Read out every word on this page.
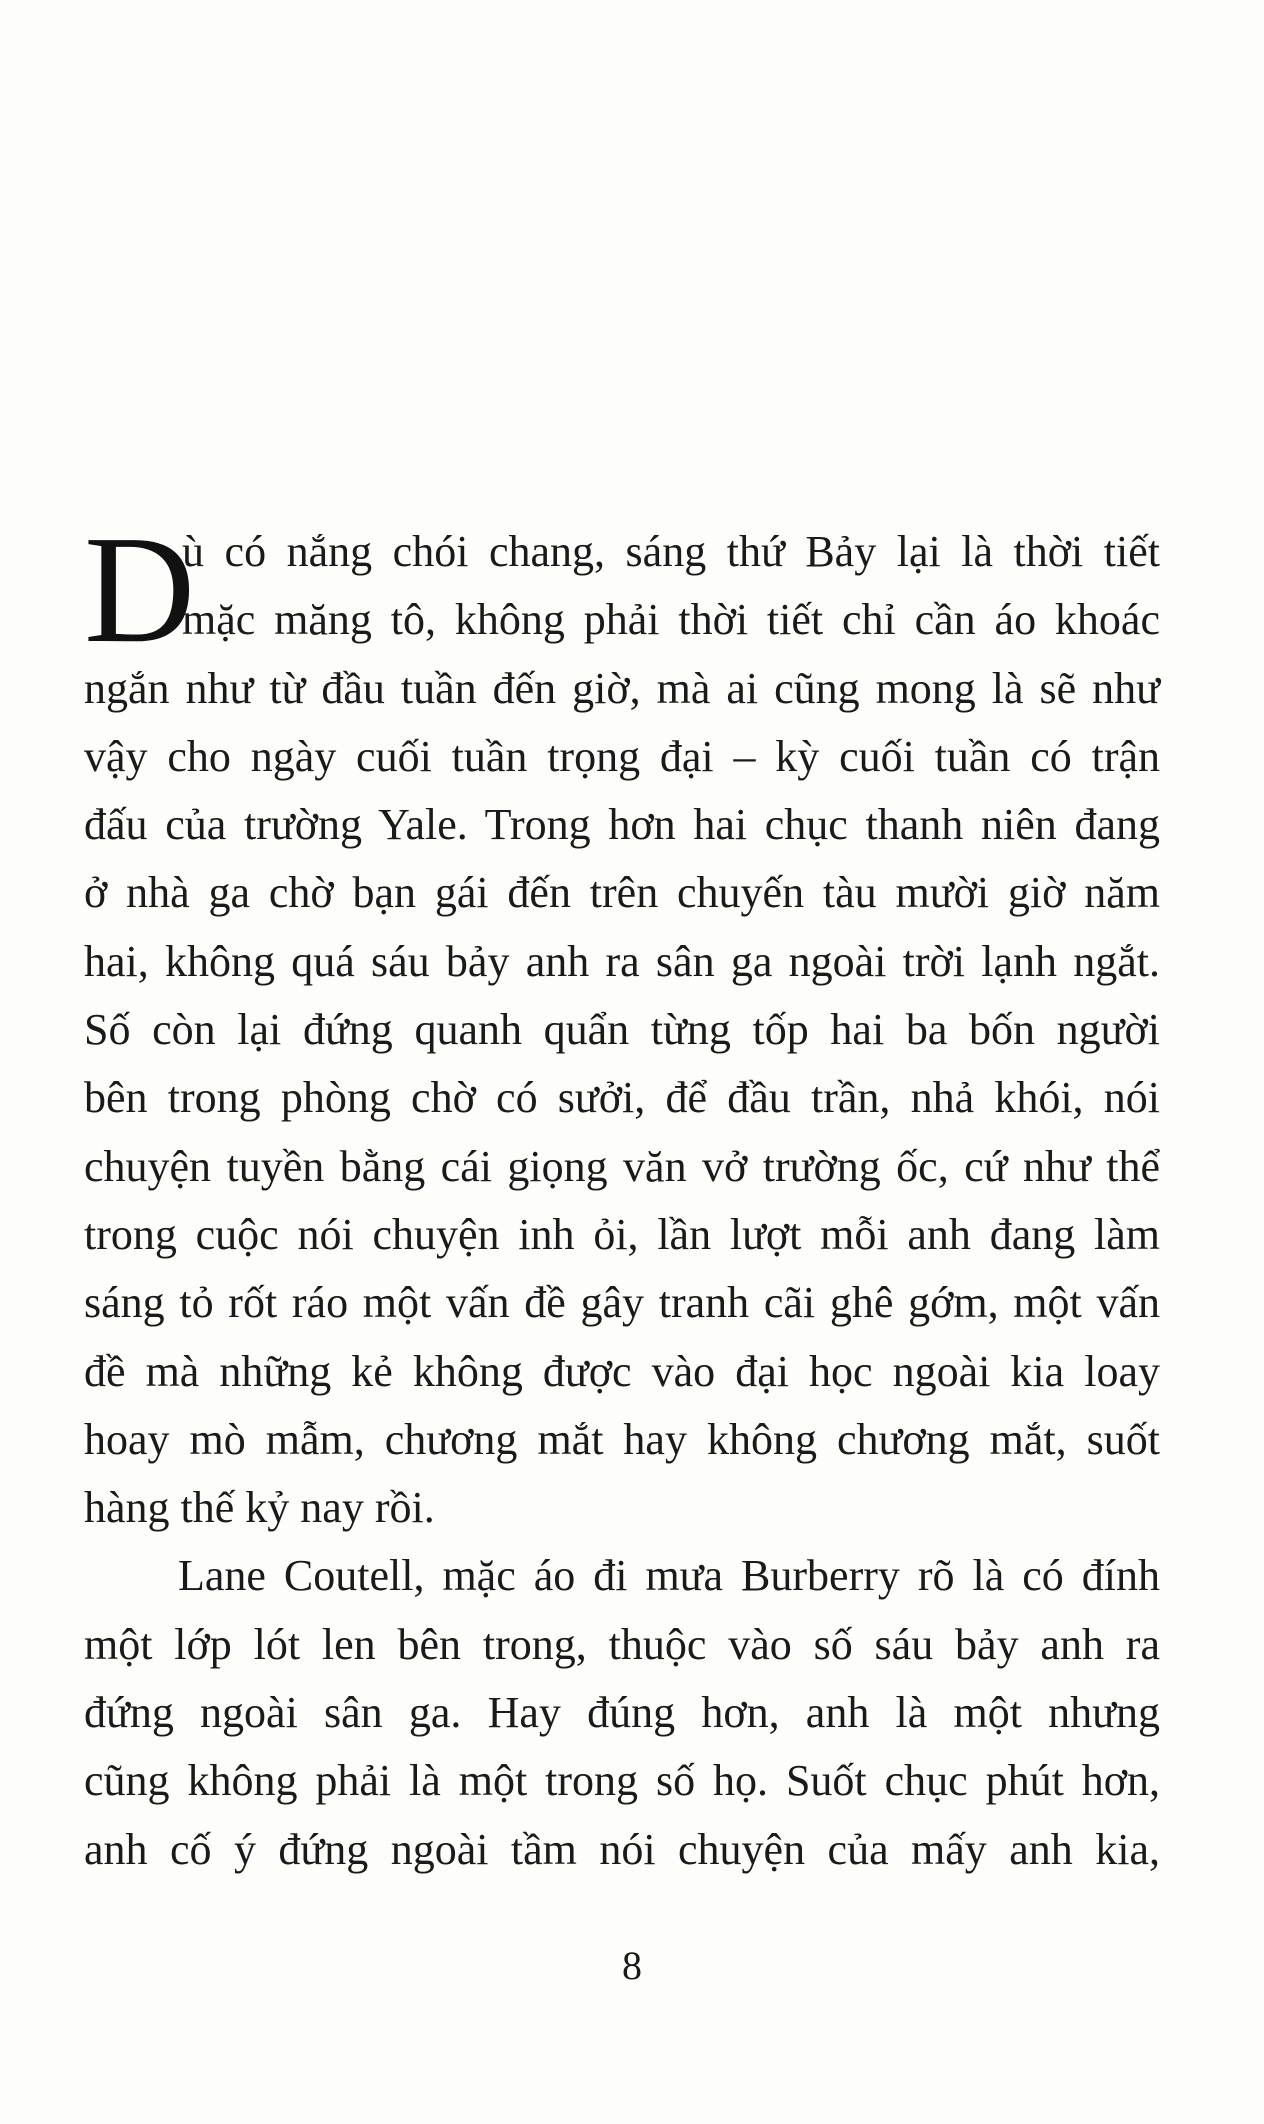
D
ù có nắng chói chang, sáng thứ Bảy lại là thời tiết
mặc măng tô, không phải thời tiết chỉ cần áo khoác
ngắn như từ đầu tuần đến giờ, mà ai cũng mong là sẽ như
vậy cho ngày cuối tuần trọng đại – kỳ cuối tuần có trận
đấu của trường Yale. Trong hơn hai chục thanh niên đang
ở nhà ga chờ bạn gái đến trên chuyến tàu mười giờ năm
hai, không quá sáu bảy anh ra sân ga ngoài trời lạnh ngắt.
Số còn lại đứng quanh quẩn từng tốp hai ba bốn người
bên trong phòng chờ có sưởi, để đầu trần, nhả khói, nói
chuyện tuyền bằng cái giọng văn vở trường ốc, cứ như thể
trong cuộc nói chuyện inh ỏi, lần lượt mỗi anh đang làm
sáng tỏ rốt ráo một vấn đề gây tranh cãi ghê gớm, một vấn
đề mà những kẻ không được vào đại học ngoài kia loay
hoay mò mẫm, chương mắt hay không chương mắt, suốt
hàng thế kỷ nay rồi.
Lane Coutell, mặc áo đi mưa Burberry rõ là có đính
một lớp lót len bên trong, thuộc vào số sáu bảy anh ra
đứng ngoài sân ga. Hay đúng hơn, anh là một nhưng
cũng không phải là một trong số họ. Suốt chục phút hơn,
anh cố ý đứng ngoài tầm nói chuyện của mấy anh kia,
8
